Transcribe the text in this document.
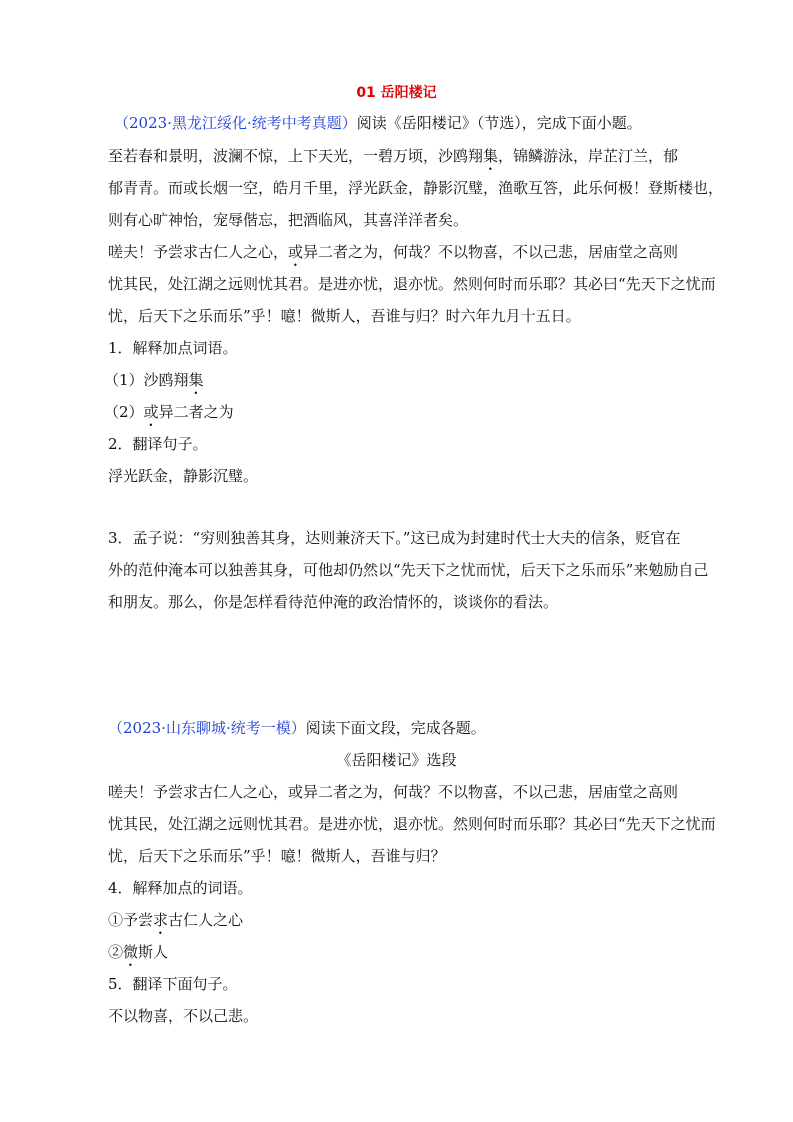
01 岳阳楼记
（2023·黑龙江绥化·统考中考真题）阅读《岳阳楼记》（节选），完成下面小题。
至若春和景明，波澜不惊，上下天光，一碧万顷，沙鸥翔集，锦鳞游泳，岸芷汀兰，郁
郁青青。而或长烟一空，皓月千里，浮光跃金，静影沉璧，渔歌互答，此乐何极！登斯楼也，
则有心旷神怡，宠辱偕忘，把酒临风，其喜洋洋者矣。
嗟夫！予尝求古仁人之心，或异二者之为，何哉？不以物喜，不以己悲，居庙堂之高则
忧其民，处江湖之远则忧其君。是进亦忧，退亦忧。然则何时而乐耶？其必曰“先天下之忧而
忧，后天下之乐而乐”乎！噫！微斯人，吾谁与归？时六年九月十五日。
1．解释加点词语。
（1）沙鸥翔集
（2）或异二者之为
2．翻译句子。
浮光跃金，静影沉璧。
3．孟子说：“穷则独善其身，达则兼济天下。”这已成为封建时代士大夫的信条，贬官在
外的范仲淹本可以独善其身，可他却仍然以“先天下之忧而忧，后天下之乐而乐”来勉励自己
和朋友。那么，你是怎样看待范仲淹的政治情怀的，谈谈你的看法。
（2023·山东聊城·统考一模）阅读下面文段，完成各题。
《岳阳楼记》选段
嗟夫！予尝求古仁人之心，或异二者之为，何哉？不以物喜，不以己悲，居庙堂之高则
忧其民，处江湖之远则忧其君。是进亦忧，退亦忧。然则何时而乐耶？其必曰“先天下之忧而
忧，后天下之乐而乐”乎！噫！微斯人，吾谁与归？
4．解释加点的词语。
①予尝求古仁人之心
②微斯人
5．翻译下面句子。
不以物喜，不以己悲。
